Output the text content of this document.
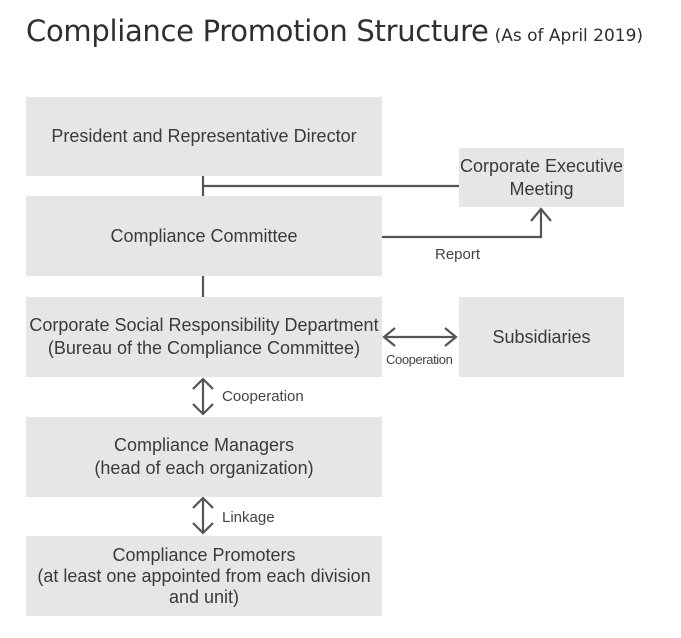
Compliance Promotion Structure (As of April 2019)
President and Representative Director
Corporate Executive
Meeting
Compliance Committee
Report
Corporate Social Responsibility Department
(Bureau of the Compliance Committee)
Subsidiaries
Cooperation
Cooperation
Compliance Managers
(head of each organization)
Linkage
Compliance Promoters
(at least one appointed from each division
and unit)
